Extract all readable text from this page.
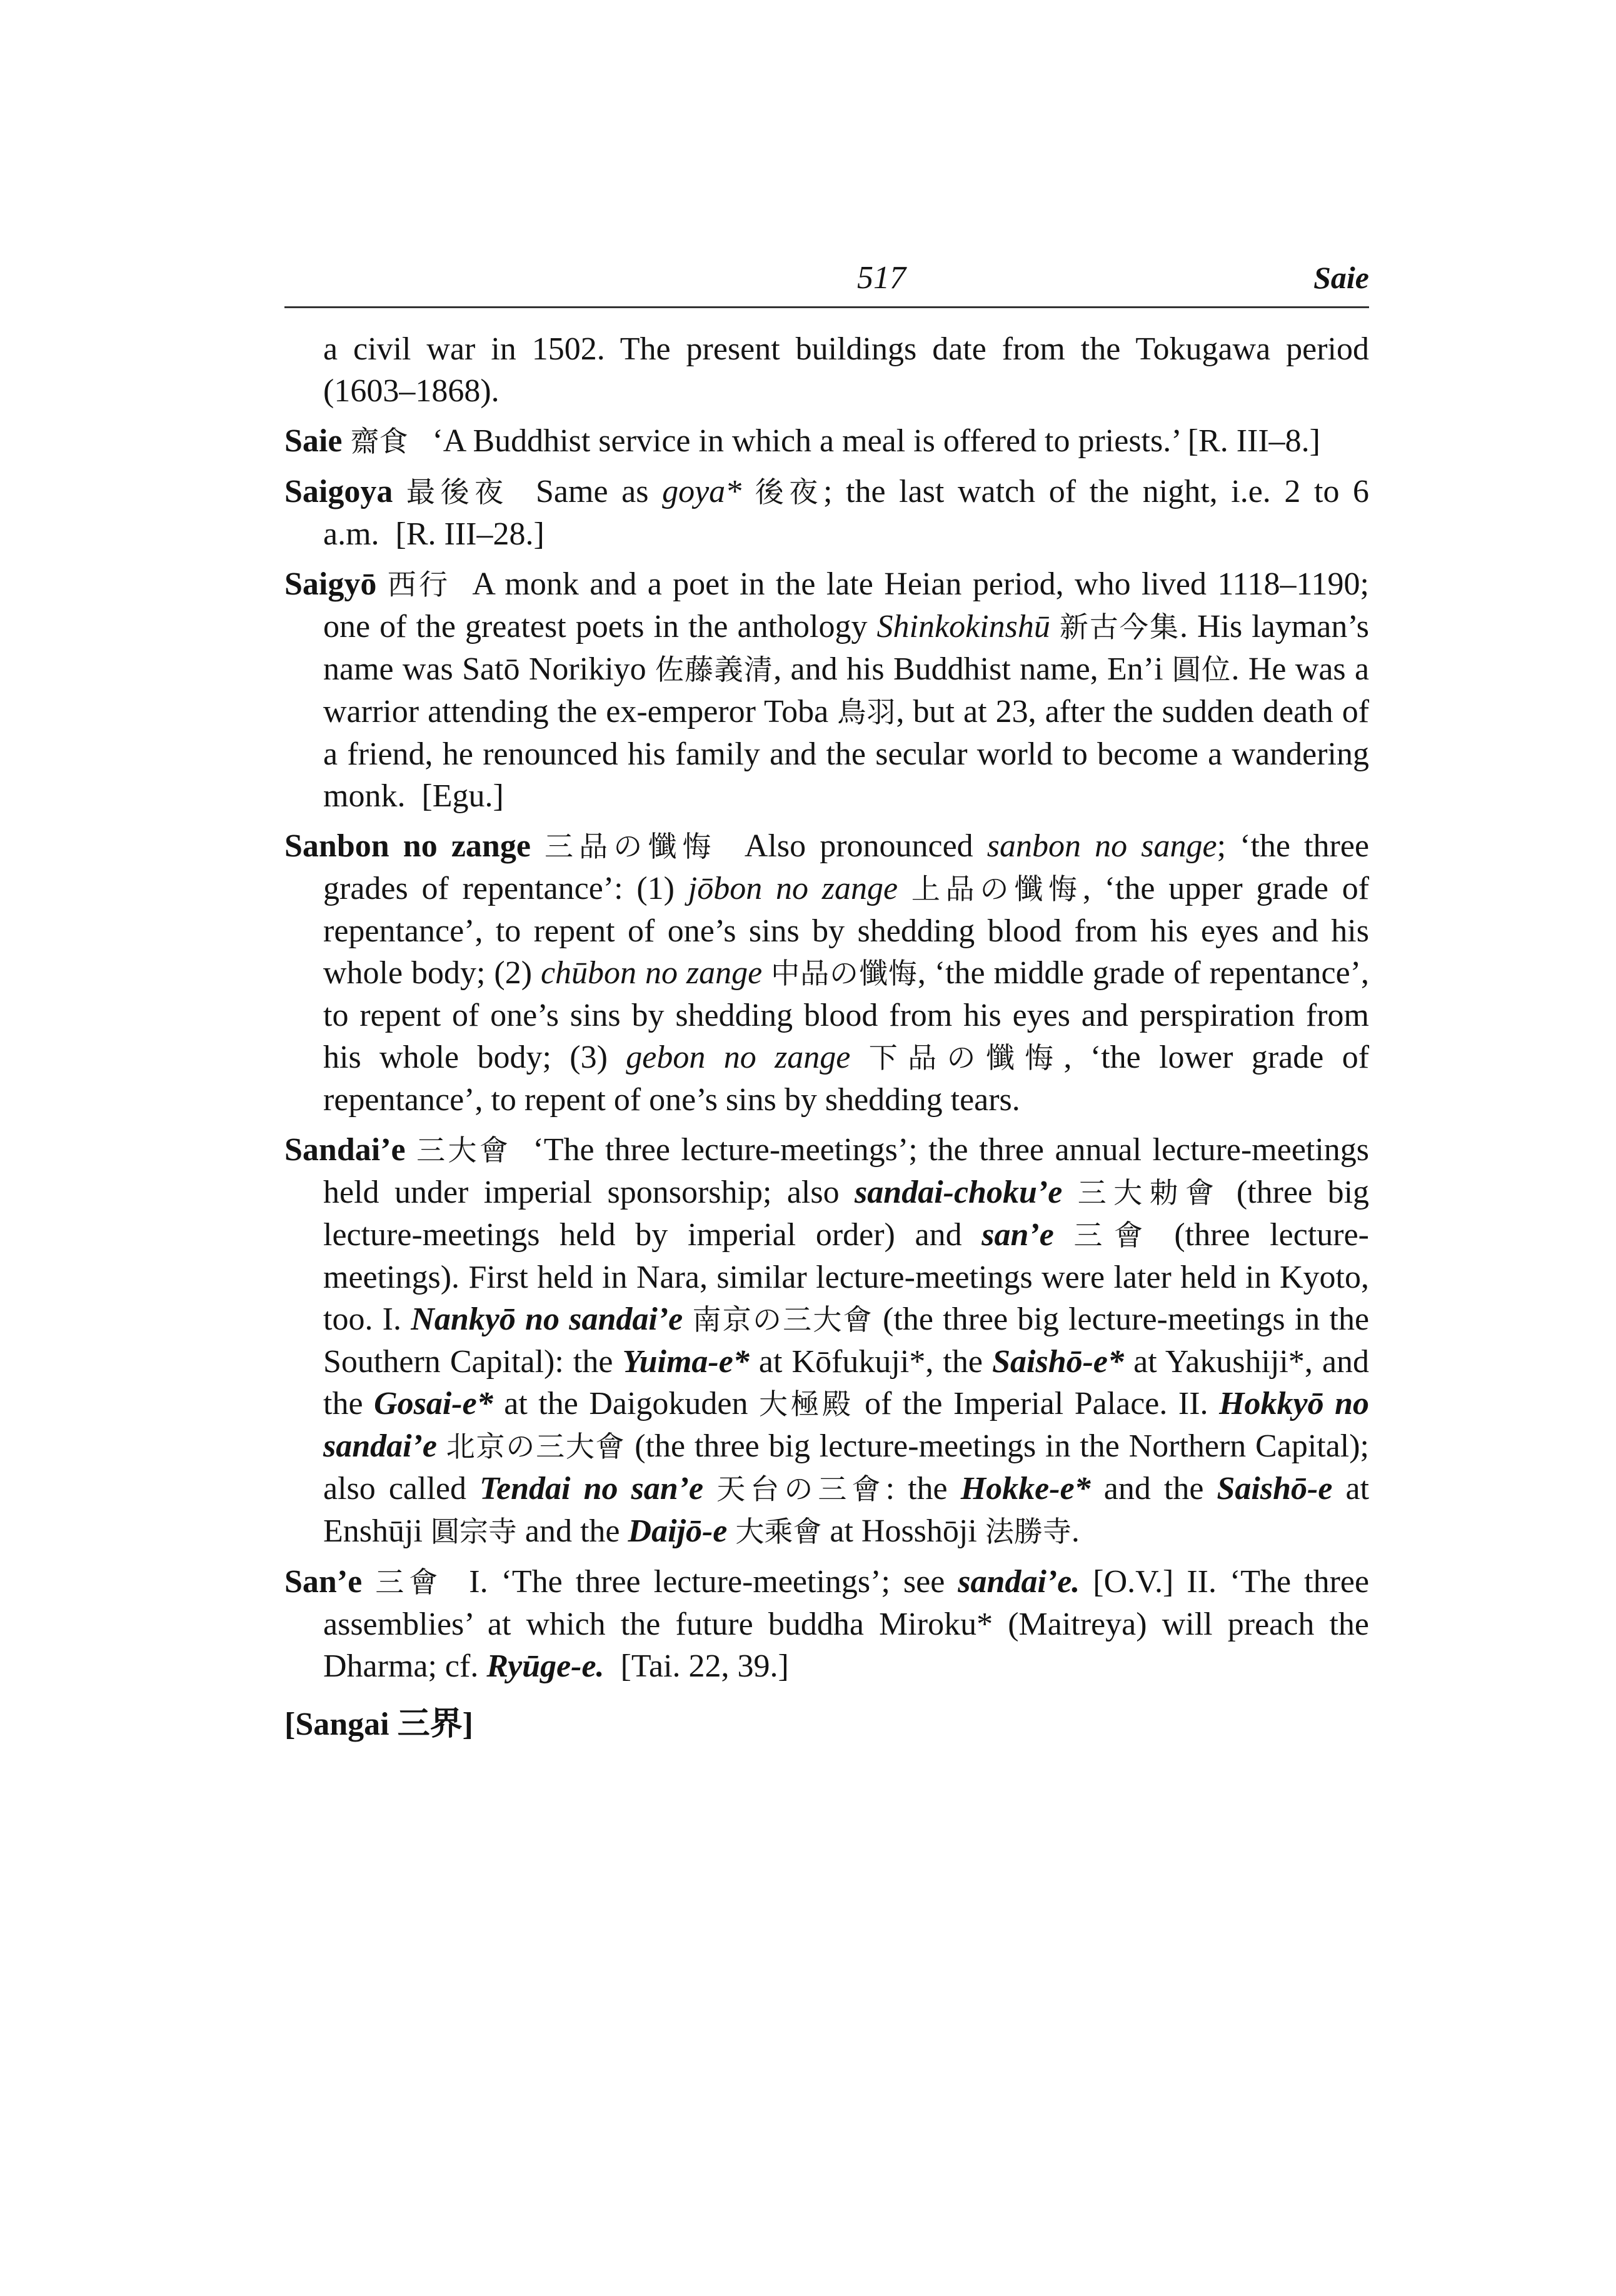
517	Saie

a civil war in 1502. The present buildings date from the Tokugawa period (1603–1868).

Saie 齋食 ‘A Buddhist service in which a meal is offered to priests.’ [R. III–8.]

Saigoya 最後夜 Same as goya* 後夜; the last watch of the night, i.e. 2 to 6 a.m. [R. III–28.]

Saigyō 西行 A monk and a poet in the late Heian period, who lived 1118–1190; one of the greatest poets in the anthology Shinkokinshū 新古今集. His layman’s name was Satō Norikiyo 佐藤義清, and his Buddhist name, En’i 圓位. He was a warrior attending the ex-emperor Toba 鳥羽, but at 23, after the sudden death of a friend, he renounced his family and the secular world to become a wandering monk. [Egu.]

Sanbon no zange 三品の懺悔 Also pronounced sanbon no sange; ‘the three grades of repentance’: (1) jōbon no zange 上品の懺悔, ‘the upper grade of repentance’, to repent of one’s sins by shedding blood from his eyes and his whole body; (2) chūbon no zange 中品の懺悔, ‘the middle grade of repentance’, to repent of one’s sins by shedding blood from his eyes and perspiration from his whole body; (3) gebon no zange 下品の懺悔, ‘the lower grade of repentance’, to repent of one’s sins by shedding tears.

Sandai’e 三大會 ‘The three lecture-meetings’; the three annual lecture-meetings held under imperial sponsorship; also sandai-choku’e 三大勅會 (three big lecture-meetings held by imperial order) and san’e 三會 (three lecture-meetings). First held in Nara, similar lecture-meetings were later held in Kyoto, too. I. Nankyō no sandai’e 南京の三大會 (the three big lecture-meetings in the Southern Capital): the Yuima-e* at Kōfukuji*, the Saishō-e* at Yakushiji*, and the Gosai-e* at the Daigokuden 大極殿 of the Imperial Palace. II. Hokkyō no sandai’e 北京の三大會 (the three big lecture-meetings in the Northern Capital); also called Tendai no san’e 天台の三會: the Hokke-e* and the Saishō-e at Enshūji 圓宗寺 and the Daijō-e 大乘會 at Hosshōji 法勝寺.

San’e 三會 I. ‘The three lecture-meetings’; see sandai’e. [O.V.] II. ‘The three assemblies’ at which the future buddha Miroku* (Maitreya) will preach the Dharma; cf. Ryūge-e. [Tai. 22, 39.]

[Sangai 三界]
